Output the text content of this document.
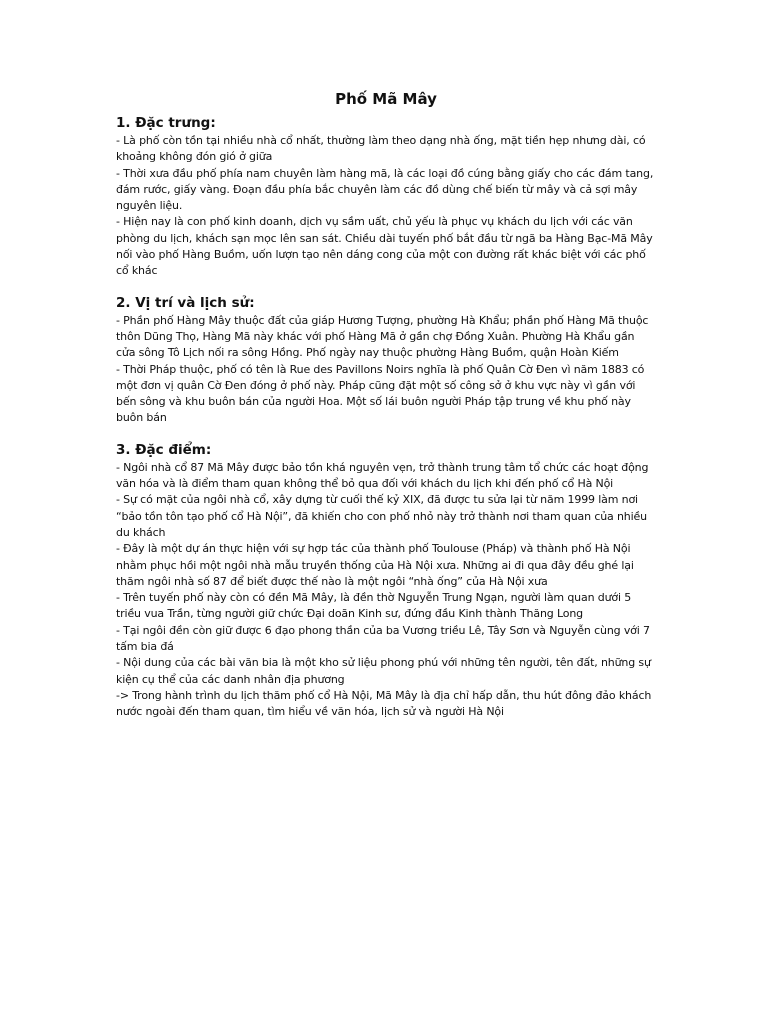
Phố Mã Mây
1. Đặc trưng:

- Là phố còn tồn tại nhiều nhà cổ nhất, thường làm theo dạng nhà ống, mặt tiền hẹp nhưng dài, có khoảng không đón gió ở giữa

- Thời xưa đầu phố phía nam chuyên làm hàng mã, là các loại đồ cúng bằng giấy cho các đám tang, đám rước, giấy vàng. Đoạn đầu phía bắc chuyên làm các đồ dùng chế biến từ mây và cả sợi mây nguyên liệu.

- Hiện nay là con phố kinh doanh, dịch vụ sầm uất, chủ yếu là phục vụ khách du lịch với các văn phòng du lịch, khách sạn mọc lên san sát. Chiều dài tuyến phố bắt đầu từ ngã ba Hàng Bạc-Mã Mây nối vào phố Hàng Buồm, uốn lượn tạo nên dáng cong của một con đường rất khác biệt với các phố cổ khác

2. Vị trí và lịch sử:

- Phần phố Hàng Mây thuộc đất của giáp Hương Tượng, phường Hà Khẩu; phần phố Hàng Mã thuộc thôn Dũng Thọ, Hàng Mã này khác với phố Hàng Mã ở gần chợ Đồng Xuân. Phường Hà Khẩu gần cửa sông Tô Lịch nối ra sông Hồng. Phố ngày nay thuộc phường Hàng Buồm, quận Hoàn Kiếm

- Thời Pháp thuộc, phố có tên là Rue des Pavillons Noirs nghĩa là phố Quân Cờ Đen vì năm 1883 có một đơn vị quân Cờ Đen đóng ở phố này. Pháp cũng đặt một số công sở ở khu vực này vì gần với bến sông và khu buôn bán của người Hoa. Một số lái buôn người Pháp tập trung về khu phố này buôn bán

3. Đặc điểm:

- Ngôi nhà cổ 87 Mã Mây được bảo tồn khá nguyên vẹn, trở thành trung tâm tổ chức các hoạt động văn hóa và là điểm tham quan không thể bỏ qua đối với khách du lịch khi đến phố cổ Hà Nội

- Sự có mặt của ngôi nhà cổ, xây dựng từ cuối thế kỷ XIX, đã được tu sửa lại từ năm 1999 làm nơi “bảo tồn tôn tạo phố cổ Hà Nội”, đã khiến cho con phố nhỏ này trở thành nơi tham quan của nhiều du khách

- Đây là một dự án thực hiện với sự hợp tác của thành phố Toulouse (Pháp) và thành phố Hà Nội nhằm phục hồi một ngôi nhà mẫu truyền thống của Hà Nội xưa. Những ai đi qua đây đều ghé lại thăm ngôi nhà số 87 để biết được thế nào là một ngôi “nhà ống” của Hà Nội xưa

- Trên tuyến phố này còn có đền Mã Mây, là đền thờ Nguyễn Trung Ngạn, người làm quan dưới 5 triều vua Trần, từng người giữ chức Đại doãn Kinh sư, đứng đầu Kinh thành Thăng Long

- Tại ngôi đền còn giữ được 6 đạo phong thần của ba Vương triều Lê, Tây Sơn và Nguyễn cùng với 7 tấm bia đá

- Nội dung của các bài văn bia là một kho sử liệu phong phú với những tên người, tên đất, những sự kiện cụ thể của các danh nhân địa phương

-> Trong hành trình du lịch thăm phố cổ Hà Nội, Mã Mây là địa chỉ hấp dẫn, thu hút đông đảo khách nước ngoài đến tham quan, tìm hiểu về văn hóa, lịch sử và người Hà Nội
